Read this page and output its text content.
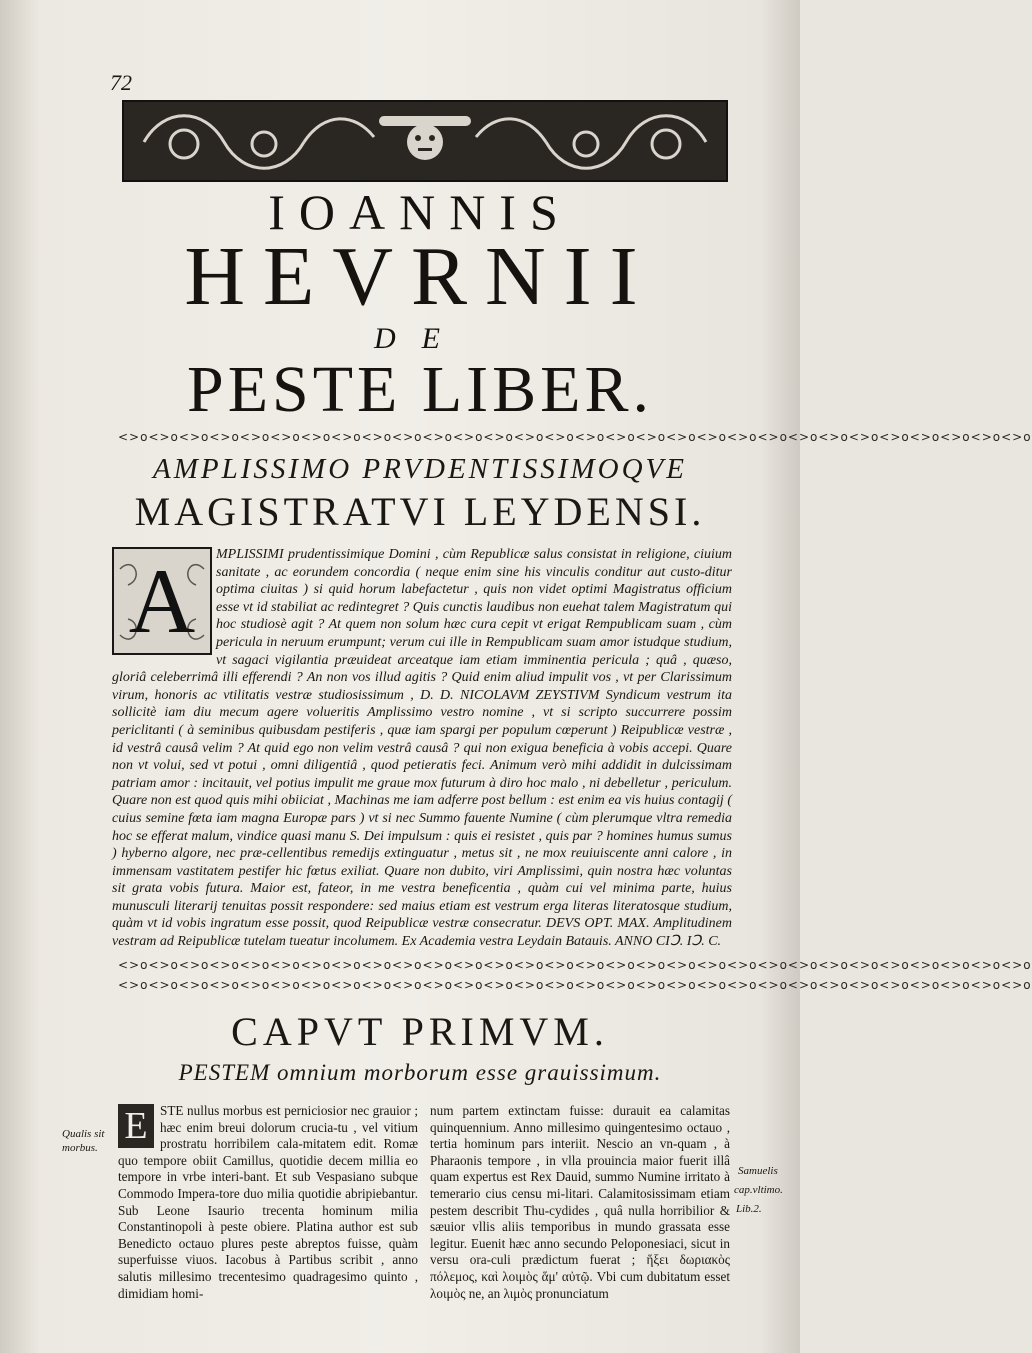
72
IOANNIS
HEVRNII
DE
PESTE LIBER.
<>o<>o<>o<>o<>o<>o<>o<>o<>o<>o<>o<>o<>o<>o<>o<>o<>o<>o<>o<>o<>o<>o<>o<>o<>o<>o<>o<>o<>o<>o
AMPLISSIMO PRVDENTISSIMOQVE
MAGISTRATVI LEYDENSI.
A	MPLISSIMI prudentissimique Domini , cùm Republicæ salus consistat in religione, ciuium sanitate , ac eorundem concordia ( neque enim sine his vinculis conditur aut custo-ditur optima ciuitas ) si quid horum labefactetur , quis non videt optimi Magistratus officium esse vt id stabiliat ac redintegret ? Quis cunctis laudibus non euehat talem Magistratum qui hoc studiosè agit ? At quem non solum hæc cura cepit vt erigat Rempublicam suam , cùm pericula in neruum erumpunt; verum cui ille in Rempublicam suam amor istudque studium, vt sagaci vigilantia præuideat arceatque iam etiam imminentia pericula ; quâ , quæso, gloriâ celeberrimâ illi efferendi ? An non vos illud agitis ? Quid enim aliud impulit vos , vt per Clarissimum virum, honoris ac vtilitatis vestræ studiosissimum , D. D. NICOLAVM ZEYSTIVM Syndicum vestrum ita sollicitè iam diu mecum agere volueritis Amplissimo vestro nomine , vt si scripto succurrere possim periclitanti ( à seminibus quibusdam pestiferis , quæ iam spargi per populum cœperunt ) Reipublicæ vestræ , id vestrâ causâ velim ? At quid ego non velim vestrâ causâ ? qui non exigua beneficia à vobis accepi. Quare non vt volui, sed vt potui , omni diligentiâ , quod petieratis feci. Animum verò mihi addidit in dulcissimam patriam amor : incitauit, vel potius impulit me graue mox futurum à diro hoc malo , ni debelletur , periculum. Quare non est quod quis mihi obiiciat , Machinas me iam adferre post bellum : est enim ea vis huius contagij ( cuius semine fœta iam magna Europæ pars ) vt si nec Summo fauente Numine ( cùm plerumque vltra remedia hoc se efferat malum, vindice quasi manu S. Dei impulsum : quis ei resistet , quis par ? homines humus sumus ) hyberno algore, nec præ-cellentibus remedijs extinguatur , metus sit , ne mox reuiuiscente anni calore , in immensam vastitatem pestifer hic fœtus exiliat. Quare non dubito, viri Amplissimi, quin nostra hæc voluntas sit grata vobis futura. Maior est, fateor, in me vestra beneficentia , quàm cui vel minima parte, huius munusculi literarij tenuitas possit respondere: sed maius etiam est vestrum erga literas literatosque studium, quàm vt id vobis ingratum esse possit, quod Reipublicæ vestræ consecratur. DEVS OPT. MAX. Amplitudinem vestram ad Reipublicæ tutelam tueatur incolumem. Ex Academia vestra Leydain Batauis. ANNO CIↃ. IↃ. C.
<>o<>o<>o<>o<>o<>o<>o<>o<>o<>o<>o<>o<>o<>o<>o<>o<>o<>o<>o<>o<>o<>o<>o<>o<>o<>o<>o<>o<>o<>o
<>o<>o<>o<>o<>o<>o<>o<>o<>o<>o<>o<>o<>o<>o<>o<>o<>o<>o<>o<>o<>o<>o<>o<>o<>o<>o<>o<>o<>o<>o
CAPVT PRIMVM.
PESTEM omnium morborum esse grauissimum.
Qualis sit
morbus.
E STE nullus morbus est perniciosior nec grauior ; hæc enim breui dolorum crucia-tu , vel vitium prostratu horribilem cala-mitatem edit. Romæ quo tempore obiit Camillus, quotidie decem millia eo tempore in vrbe interi-bant. Et sub Vespasiano subque Commodo Impera-tore duo milia quotidie abripiebantur. Sub Leone Isaurio trecenta hominum milia Constantinopoli à peste obiere. Platina author est sub Benedicto octauo plures peste abreptos fuisse, quàm superfuisse viuos. Iacobus à Partibus scribit , anno salutis millesimo trecentesimo quadragesimo quinto , dimidiam homi-
num partem extinctam fuisse: durauit ea calamitas quinquennium. Anno millesimo quingentesimo octauo , tertia hominum pars interiit. Nescio an vn-quam , à Pharaonis tempore , in vlla prouincia maior fuerit illâ quam expertus est Rex Dauid, summo Numine irritato à temerario cius censu mi-litari. Calamitosissimam etiam pestem describit Thu-cydides , quâ nulla horribilior & sæuior vllis aliis temporibus in mundo grassata esse legitur. Euenit hæc anno secundo Peloponesiaci, sicut in versu ora-culi prædictum fuerat ; ἥξει δωριακὸς πόλεμος, καὶ λοιμὸς ἅμ' αὐτῷ. Vbi cum dubitatum esset λοιμὸς ne, an λιμὸς pronunciatum
Samuelis
cap.vltimo.
Lib.2.
